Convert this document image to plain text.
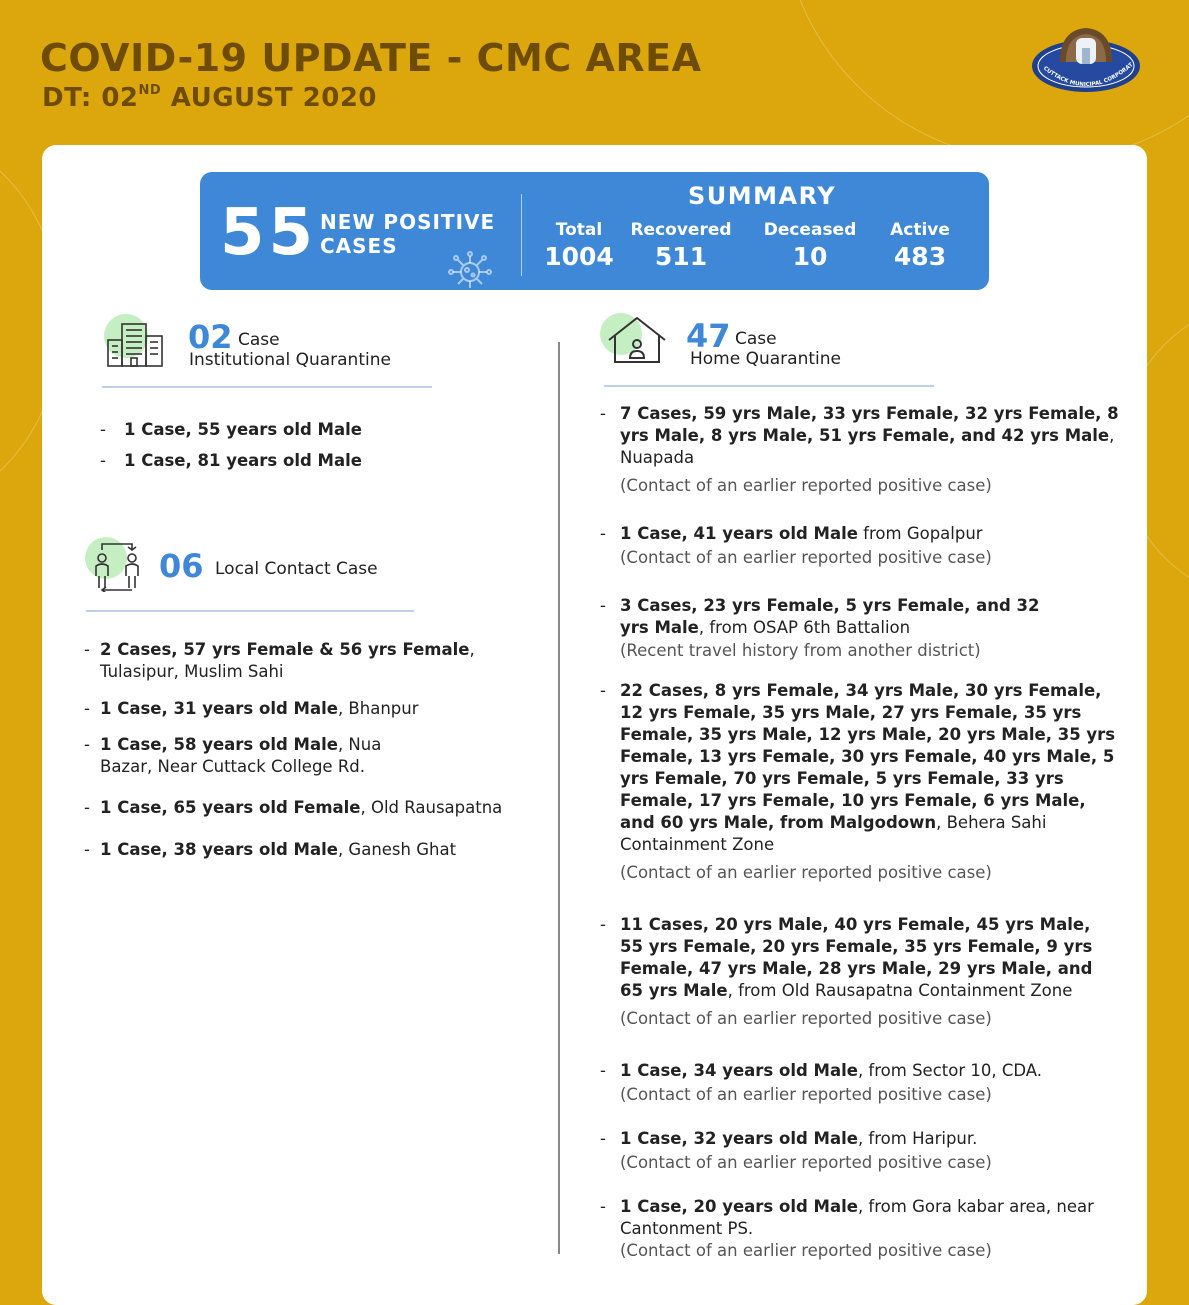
COVID-19 UPDATE - CMC AREA
DT: 02ND AUGUST 2020
CUTTACK MUNICIPAL CORPORAT
55 NEW POSITIVE CASES
SUMMARY
Total
1004
Recovered
511
Deceased
10
Active
483
02 Case
Institutional Quarantine
- 1 Case, 55 years old Male
- 1 Case, 81 years old Male
06 Local Contact Case
- 2 Cases, 57 yrs Female & 56 yrs Female, Tulasipur, Muslim Sahi
- 1 Case, 31 years old Male, Bhanpur
- 1 Case, 58 years old Male, Nua Bazar, Near Cuttack College Rd.
- 1 Case, 65 years old Female, Old Rausapatna
- 1 Case, 38 years old Male, Ganesh Ghat
47 Case
Home Quarantine
- 7 Cases, 59 yrs Male, 33 yrs Female, 32 yrs Female, 8 yrs Male, 8 yrs Male, 51 yrs Female, and 42 yrs Male, Nuapada
(Contact of an earlier reported positive case)
- 1 Case, 41 years old Male from Gopalpur
(Contact of an earlier reported positive case)
- 3 Cases, 23 yrs Female, 5 yrs Female, and 32 yrs Male, from OSAP 6th Battalion
(Recent travel history from another district)
- 22 Cases, 8 yrs Female, 34 yrs Male, 30 yrs Female, 12 yrs Female, 35 yrs Male, 27 yrs Female, 35 yrs Female, 35 yrs Male, 12 yrs Male, 20 yrs Male, 35 yrs Female, 13 yrs Female, 30 yrs Female, 40 yrs Male, 5 yrs Female, 70 yrs Female, 5 yrs Female, 33 yrs Female, 17 yrs Female, 10 yrs Female, 6 yrs Male, and 60 yrs Male, from Malgodown, Behera Sahi Containment Zone
(Contact of an earlier reported positive case)
- 11 Cases, 20 yrs Male, 40 yrs Female, 45 yrs Male, 55 yrs Female, 20 yrs Female, 35 yrs Female, 9 yrs Female, 47 yrs Male, 28 yrs Male, 29 yrs Male, and 65 yrs Male, from Old Rausapatna Containment Zone
(Contact of an earlier reported positive case)
- 1 Case, 34 years old Male, from Sector 10, CDA.
(Contact of an earlier reported positive case)
- 1 Case, 32 years old Male, from Haripur.
(Contact of an earlier reported positive case)
- 1 Case, 20 years old Male, from Gora kabar area, near Cantonment PS.
(Contact of an earlier reported positive case)
